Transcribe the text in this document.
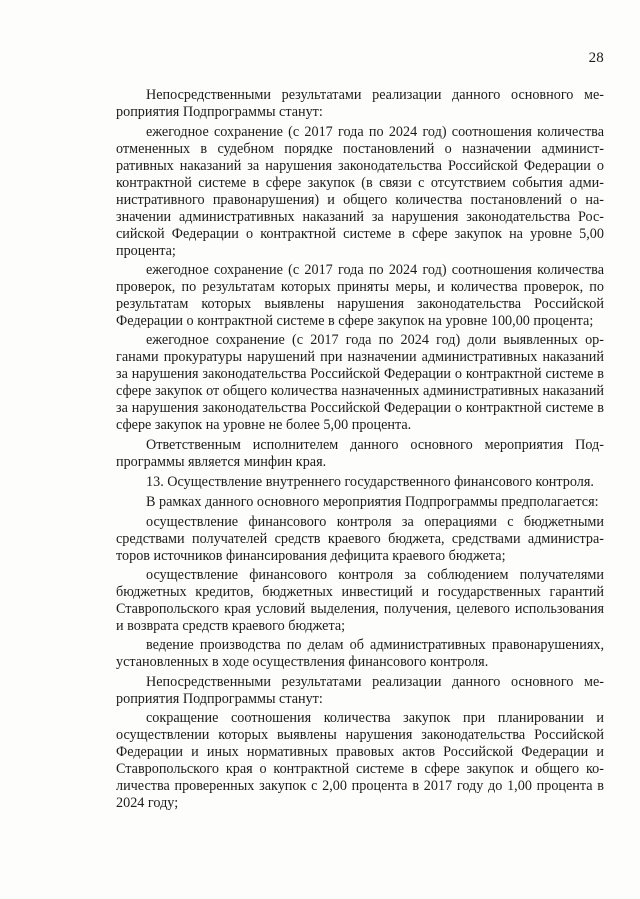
28

Непосредственными результатами реализации данного основного мероприятия Подпрограммы станут:

ежегодное сохранение (с 2017 года по 2024 год) соотношения количества отмененных в судебном порядке постановлений о назначении административных наказаний за нарушения законодательства Российской Федерации о контрактной системе в сфере закупок (в связи с отсутствием события административного правонарушения) и общего количества постановлений о назначении административных наказаний за нарушения законодательства Российской Федерации о контрактной системе в сфере закупок на уровне 5,00 процента;

ежегодное сохранение (с 2017 года по 2024 год) соотношения количества проверок, по результатам которых приняты меры, и количества проверок, по результатам которых выявлены нарушения законодательства Российской Федерации о контрактной системе в сфере закупок на уровне 100,00 процента;

ежегодное сохранение (с 2017 года по 2024 год) доли выявленных органами прокуратуры нарушений при назначении административных наказаний за нарушения законодательства Российской Федерации о контрактной системе в сфере закупок от общего количества назначенных административных наказаний за нарушения законодательства Российской Федерации о контрактной системе в сфере закупок на уровне не более 5,00 процента.

Ответственным исполнителем данного основного мероприятия Подпрограммы является минфин края.

13. Осуществление внутреннего государственного финансового контроля.

В рамках данного основного мероприятия Подпрограммы предполагается:

осуществление финансового контроля за операциями с бюджетными средствами получателей средств краевого бюджета, средствами администраторов источников финансирования дефицита краевого бюджета;

осуществление финансового контроля за соблюдением получателями бюджетных кредитов, бюджетных инвестиций и государственных гарантий Ставропольского края условий выделения, получения, целевого использования и возврата средств краевого бюджета;

ведение производства по делам об административных правонарушениях, установленных в ходе осуществления финансового контроля.

Непосредственными результатами реализации данного основного мероприятия Подпрограммы станут:

сокращение соотношения количества закупок при планировании и осуществлении которых выявлены нарушения законодательства Российской Федерации и иных нормативных правовых актов Российской Федерации и Ставропольского края о контрактной системе в сфере закупок и общего количества проверенных закупок с 2,00 процента в 2017 году до 1,00 процента в 2024 году;
